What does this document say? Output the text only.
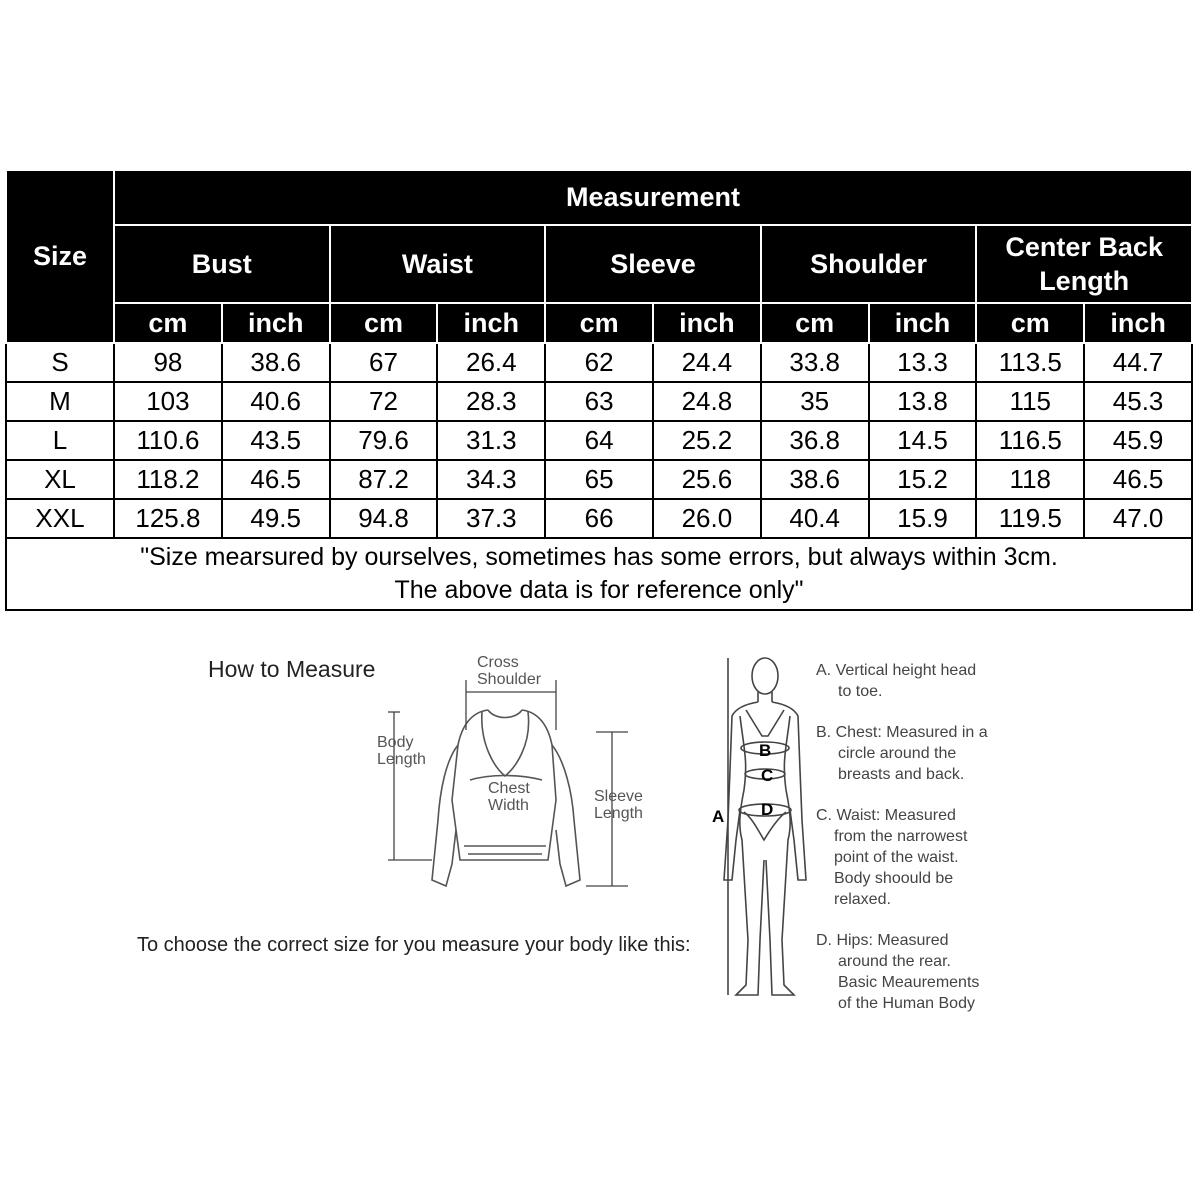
Size	Measurement									
	Bust		Waist		Sleeve		Shoulder		Center Back
Length	
	cm	inch	cm	inch	cm	inch	cm	inch	cm	inch
S	98	38.6	67	26.4	62	24.4	33.8	13.3	113.5	44.7
M	103	40.6	72	28.3	63	24.8	35	13.8	115	45.3
L	110.6	43.5	79.6	31.3	64	25.2	36.8	14.5	116.5	45.9
XL	118.2	46.5	87.2	34.3	65	25.6	38.6	15.2	118	46.5
XXL	125.8	49.5	94.8	37.3	66	26.0	40.4	15.9	119.5	47.0
"Size mearsured by ourselves, sometimes has some errors, but always within 3cm.
The above data is for reference only"										
How to Measure	Cross
Shoulder
Body
Length
Chest
Width
Sleeve
Length
To choose the correct size for you measure your body like this:
B
C
D
A
A. Vertical height head
to toe.
B. Chest: Measured in a
circle around the
breasts and back.
C. Waist: Measured
from the narrowest
point of the waist.
Body shoould be
relaxed.
D. Hips: Measured
around the rear.
Basic Meaurements
of the Human Body
